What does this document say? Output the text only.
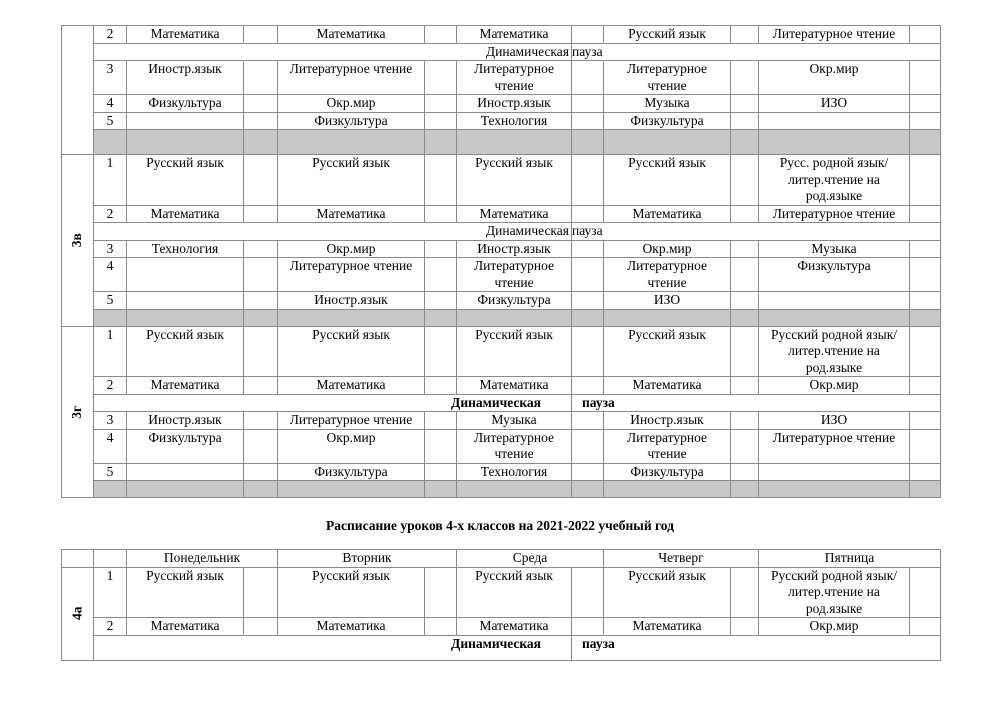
	2	Математика		Математика		Математика		Русский язык		Литературное чтение	
	Динамическая						пауза				
	3	Иностр.язык		Литературное чтение		Литературное чтение		Литературное чтение		Окр.мир	
	4	Физкультура		Окр.мир		Иностр.язык		Музыка		ИЗО	
	5			Физкультура		Технология		Физкультура			

3в	1	Русский язык		Русский язык		Русский язык		Русский язык		Русс. родной язык/литер.чтение на род.языке	
	2	Математика		Математика		Математика		Математика		Литературное чтение	
	Динамическая						пауза				
	3	Технология		Окр.мир		Иностр.язык		Окр.мир		Музыка	
	4			Литературное чтение		Литературное чтение		Литературное чтение		Физкультура	
	5			Иностр.язык		Физкультура		ИЗО			

3г	1	Русский язык		Русский язык		Русский язык		Русский язык		Русский родной язык/литер.чтение на род.языке	
	2	Математика		Математика		Математика		Математика		Окр.мир	
	Динамическая						пауза				
	3	Иностр.язык		Литературное чтение		Музыка		Иностр.язык		ИЗО	
	4	Физкультура		Окр.мир		Литературное чтение		Литературное чтение		Литературное чтение	
	5			Физкультура		Технология		Физкультура			

Расписание уроков 4-х классов на 2021-2022 учебный год
		Понедельник		Вторник		Среда		Четверг		Пятница	
4а	1	Русский язык		Русский язык		Русский язык		Русский язык		Русский родной язык/литер.чтение на род.языке	
	2	Математика		Математика		Математика		Математика		Окр.мир	
	Динамическая						пауза				
